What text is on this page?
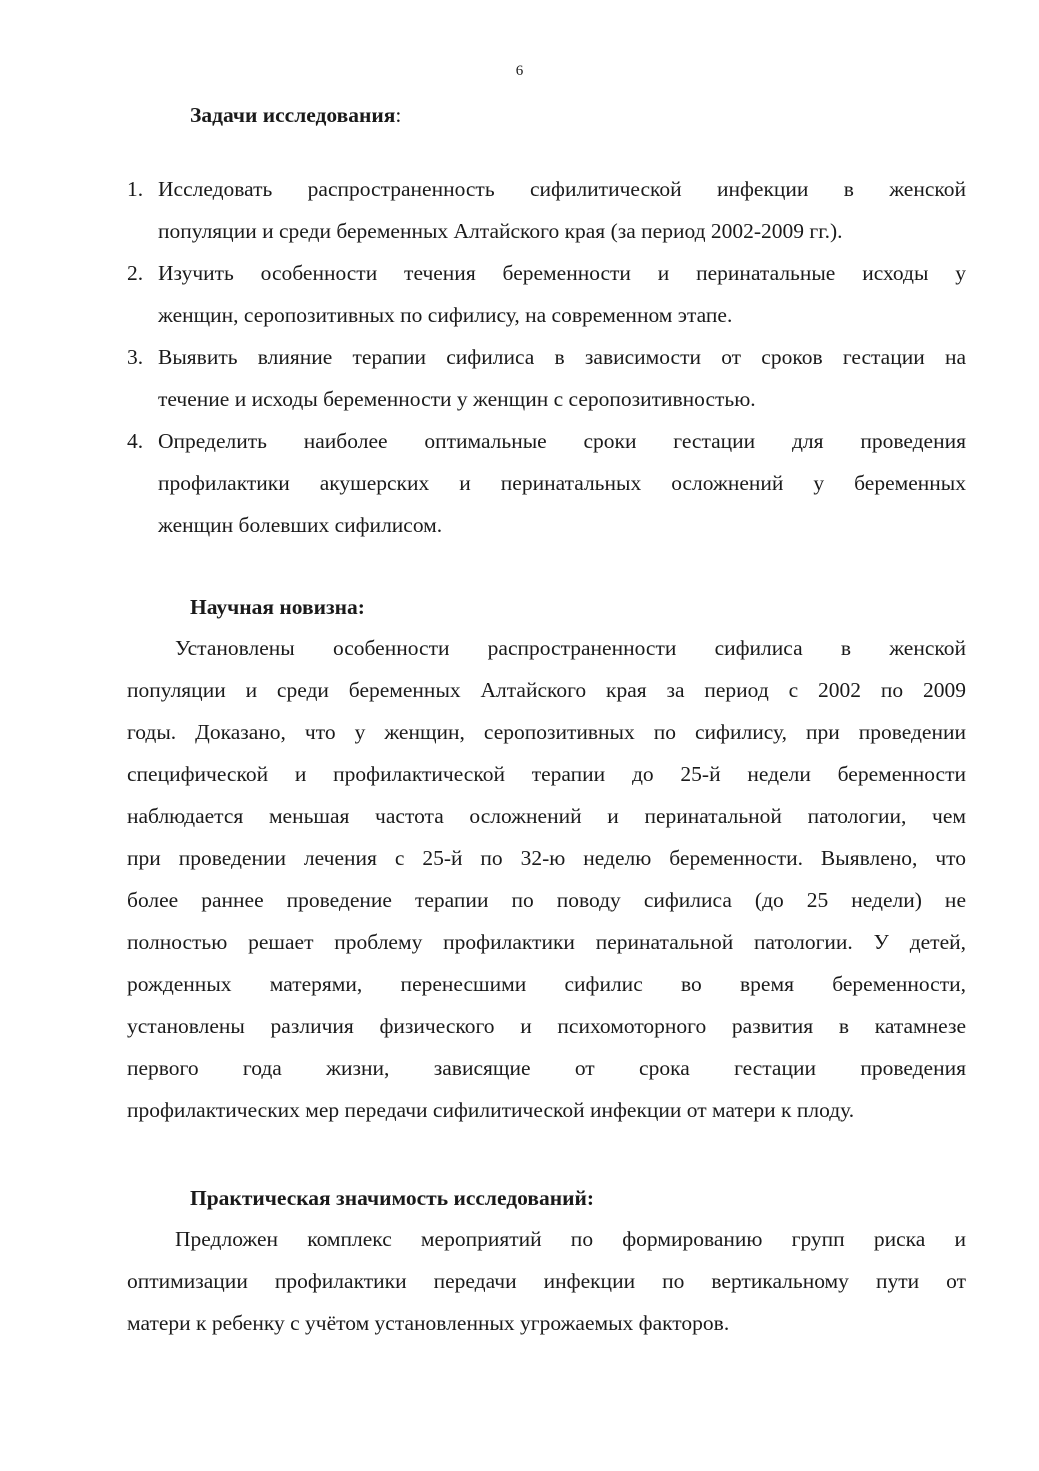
6
Задачи исследования:
1. Исследовать распространенность сифилитической инфекции в женской
популяции и среди беременных Алтайского края (за период 2002-2009 гг.).
2. Изучить особенности течения беременности и перинатальные исходы у
женщин, серопозитивных по сифилису, на современном этапе.
3. Выявить влияние терапии сифилиса в зависимости от сроков гестации на
течение и исходы беременности у женщин с серопозитивностью.
4. Определить наиболее оптимальные сроки гестации для проведения
профилактики акушерских и перинатальных осложнений у беременных
женщин болевших сифилисом.
Научная новизна:
Установлены особенности распространенности сифилиса в женской
популяции и среди беременных Алтайского края за период с 2002 по 2009
годы. Доказано, что у женщин, серопозитивных по сифилису, при проведении
специфической и профилактической терапии до 25-й недели беременности
наблюдается меньшая частота осложнений и перинатальной патологии, чем
при проведении лечения с 25-й по 32-ю неделю беременности. Выявлено, что
более раннее проведение терапии по поводу сифилиса (до 25 недели) не
полностью решает проблему профилактики перинатальной патологии. У детей,
рожденных матерями, перенесшими сифилис во время беременности,
установлены различия физического и психомоторного развития в катамнезе
первого года жизни, зависящие от срока гестации проведения
профилактических мер передачи сифилитической инфекции от матери к плоду.
Практическая значимость исследований:
Предложен комплекс мероприятий по формированию групп риска и
оптимизации профилактики передачи инфекции по вертикальному пути от
матери к ребенку с учётом установленных угрожаемых факторов.
